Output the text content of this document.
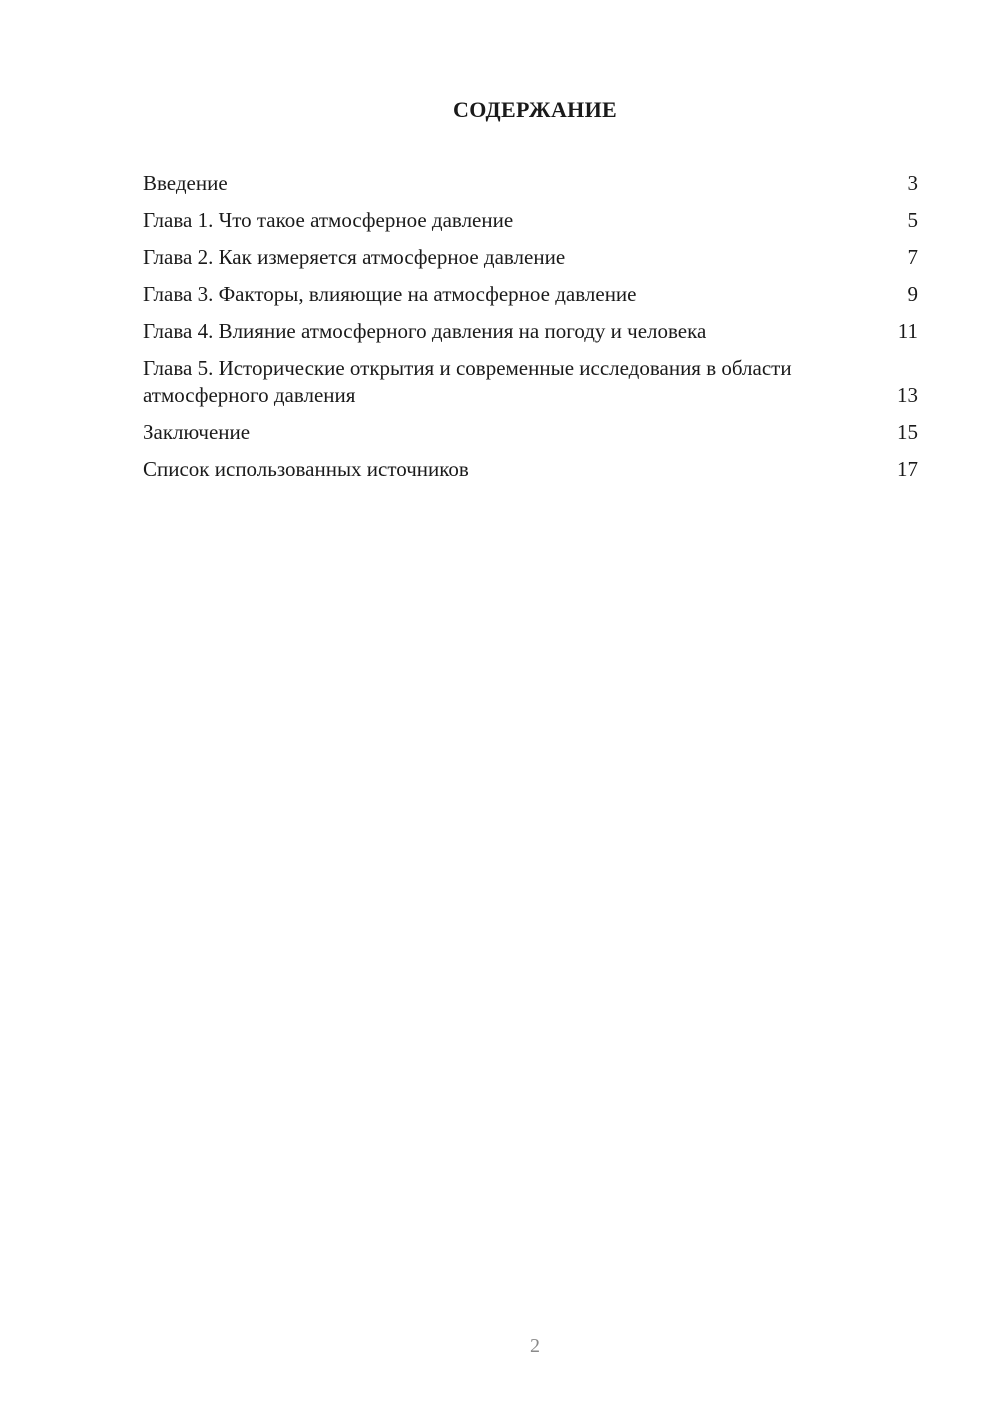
СОДЕРЖАНИЕ
Введение	3
Глава 1. Что такое атмосферное давление	5
Глава 2. Как измеряется атмосферное давление	7
Глава 3. Факторы, влияющие на атмосферное давление	9
Глава 4. Влияние атмосферного давления на погоду и человека	11
Глава 5. Исторические открытия и современные исследования в области атмосферного давления	13
Заключение	15
Список использованных источников	17
2
